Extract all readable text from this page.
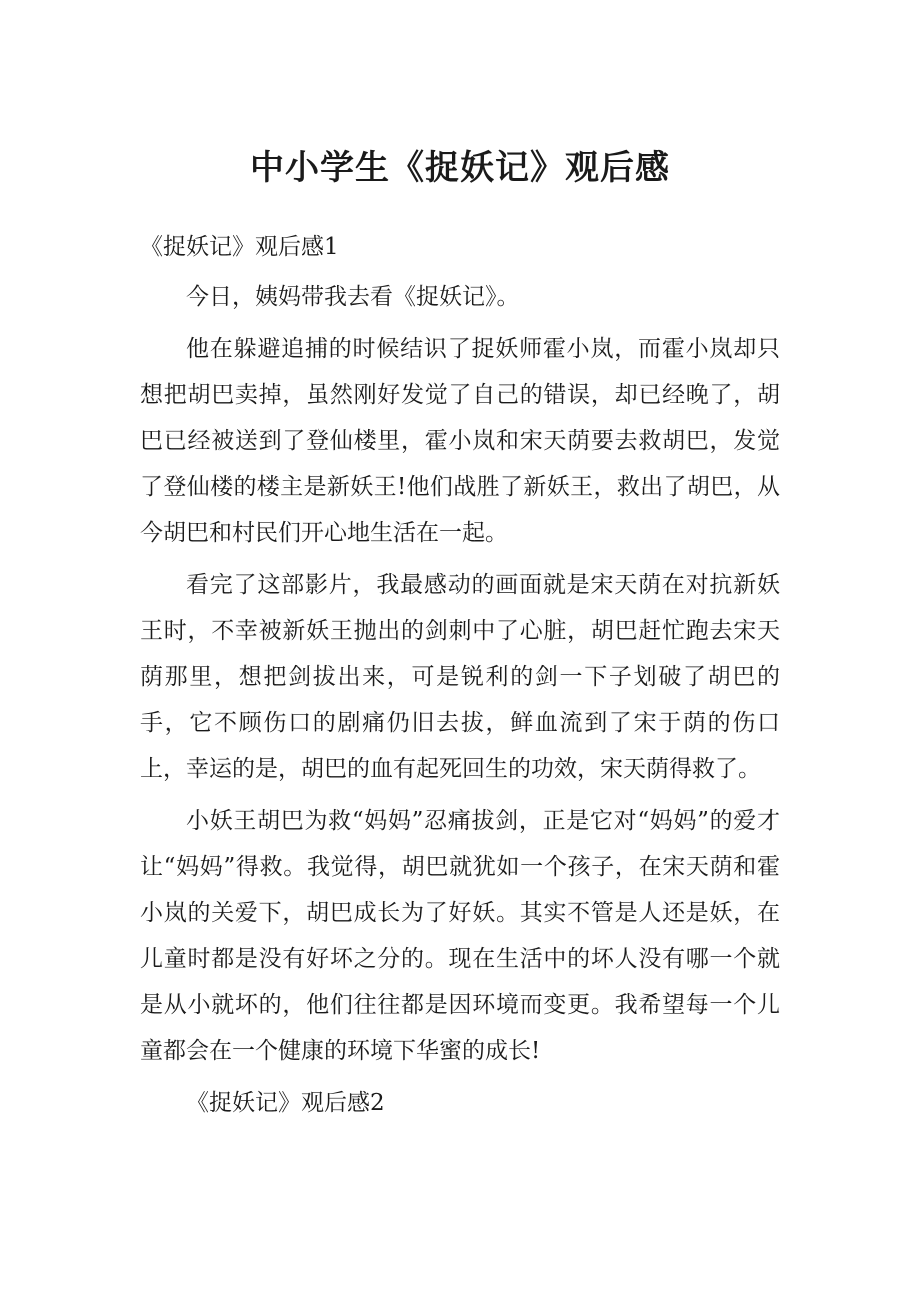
中小学生《捉妖记》观后感

《捉妖记》观后感1

今日，姨妈带我去看《捉妖记》。

他在躲避追捕的时候结识了捉妖师霍小岚，而霍小岚却只想把胡巴卖掉，虽然刚好发觉了自己的错误，却已经晚了，胡巴已经被送到了登仙楼里，霍小岚和宋天荫要去救胡巴，发觉了登仙楼的楼主是新妖王!他们战胜了新妖王，救出了胡巴，从今胡巴和村民们开心地生活在一起。

看完了这部影片，我最感动的画面就是宋天荫在对抗新妖王时，不幸被新妖王抛出的剑刺中了心脏，胡巴赶忙跑去宋天荫那里，想把剑拔出来，可是锐利的剑一下子划破了胡巴的手，它不顾伤口的剧痛仍旧去拔，鲜血流到了宋于荫的伤口上，幸运的是，胡巴的血有起死回生的功效，宋天荫得救了。

小妖王胡巴为救“妈妈”忍痛拔剑，正是它对“妈妈”的爱才让“妈妈”得救。我觉得，胡巴就犹如一个孩子，在宋天荫和霍小岚的关爱下，胡巴成长为了好妖。其实不管是人还是妖，在儿童时都是没有好坏之分的。现在生活中的坏人没有哪一个就是从小就坏的，他们往往都是因环境而变更。我希望每一个儿童都会在一个健康的环境下华蜜的成长!

《捉妖记》观后感2
